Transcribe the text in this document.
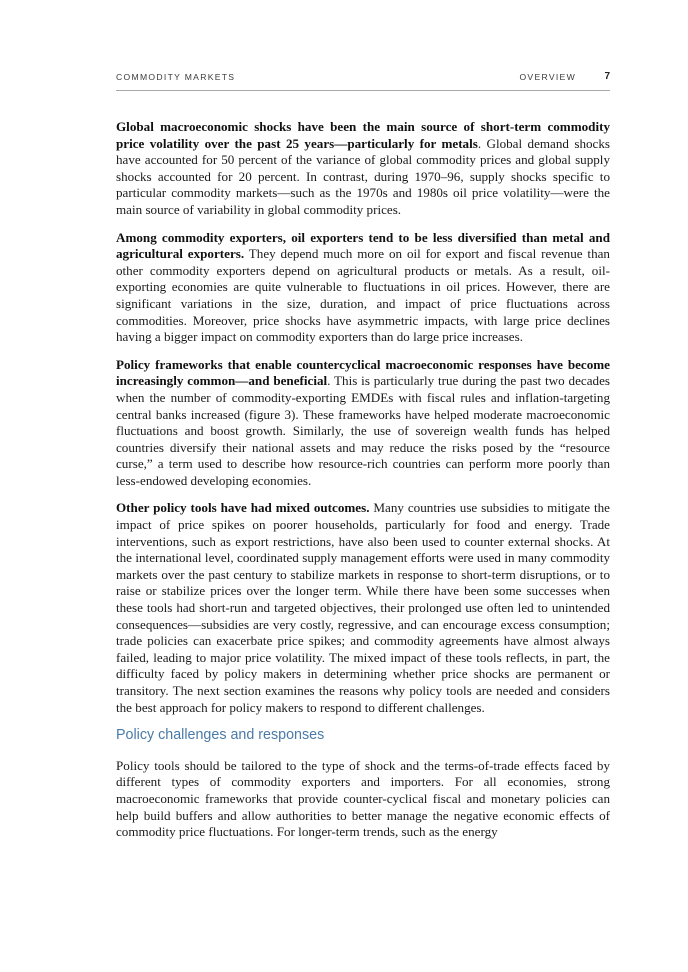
COMMODITY MARKETS	OVERVIEW	7

Global macroeconomic shocks have been the main source of short-term commodity price volatility over the past 25 years—particularly for metals. Global demand shocks have accounted for 50 percent of the variance of global commodity prices and global supply shocks accounted for 20 percent. In contrast, during 1970–96, supply shocks specific to particular commodity markets—such as the 1970s and 1980s oil price volatility—were the main source of variability in global commodity prices.

Among commodity exporters, oil exporters tend to be less diversified than metal and agricultural exporters. They depend much more on oil for export and fiscal revenue than other commodity exporters depend on agricultural products or metals. As a result, oil-exporting economies are quite vulnerable to fluctuations in oil prices. However, there are significant variations in the size, duration, and impact of price fluctuations across commodities. Moreover, price shocks have asymmetric impacts, with large price declines having a bigger impact on commodity exporters than do large price increases.

Policy frameworks that enable countercyclical macroeconomic responses have become increasingly common—and beneficial. This is particularly true during the past two decades when the number of commodity-exporting EMDEs with fiscal rules and inflation-targeting central banks increased (figure 3). These frameworks have helped moderate macroeconomic fluctuations and boost growth. Similarly, the use of sovereign wealth funds has helped countries diversify their national assets and may reduce the risks posed by the “resource curse,” a term used to describe how resource-rich countries can perform more poorly than less-endowed developing economies.

Other policy tools have had mixed outcomes. Many countries use subsidies to mitigate the impact of price spikes on poorer households, particularly for food and energy. Trade interventions, such as export restrictions, have also been used to counter external shocks. At the international level, coordinated supply management efforts were used in many commodity markets over the past century to stabilize markets in response to short-term disruptions, or to raise or stabilize prices over the longer term. While there have been some successes when these tools had short-run and targeted objectives, their prolonged use often led to unintended consequences—subsidies are very costly, regressive, and can encourage excess consumption; trade policies can exacerbate price spikes; and commodity agreements have almost always failed, leading to major price volatility. The mixed impact of these tools reflects, in part, the difficulty faced by policy makers in determining whether price shocks are permanent or transitory. The next section examines the reasons why policy tools are needed and considers the best approach for policy makers to respond to different challenges.

Policy challenges and responses

Policy tools should be tailored to the type of shock and the terms-of-trade effects faced by different types of commodity exporters and importers. For all economies, strong macroeconomic frameworks that provide counter-cyclical fiscal and monetary policies can help build buffers and allow authorities to better manage the negative economic effects of commodity price fluctuations. For longer-term trends, such as the energy
